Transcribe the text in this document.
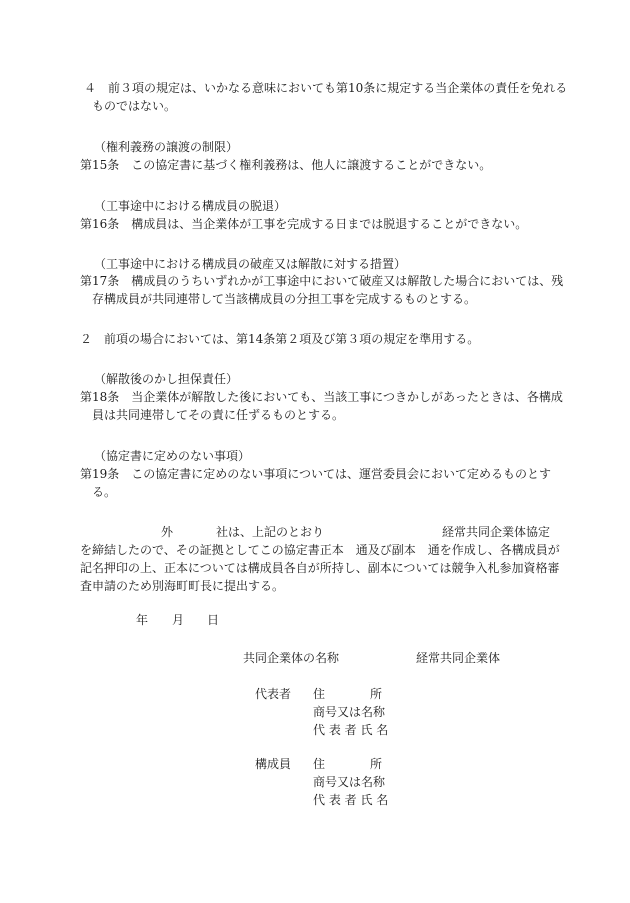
４　前３項の規定は、いかなる意味においても第10条に規定する当企業体の責任を免れる
ものではない。
（権利義務の譲渡の制限）
第15条　この協定書に基づく権利義務は、他人に譲渡することができない。
（工事途中における構成員の脱退）
第16条　構成員は、当企業体が工事を完成する日までは脱退することができない。
（工事途中における構成員の破産又は解散に対する措置）
第17条　構成員のうちいずれかが工事途中において破産又は解散した場合においては、残
存構成員が共同連帯して当該構成員の分担工事を完成するものとする。
２　前項の場合においては、第14条第２項及び第３項の規定を準用する。
（解散後のかし担保責任）
第18条　当企業体が解散した後においても、当該工事につきかしがあったときは、各構成
員は共同連帯してその責に任ずるものとする。
（協定書に定めのない事項）
第19条　この協定書に定めのない事項については、運営委員会において定めるものとす
る。
外	社は、上記のとおり	経常共同企業体協定
を締結したので、その証拠としてこの協定書正本　通及び副本　通を作成し、各構成員が
記名押印の上、正本については構成員各自が所持し、副本については競争入札参加資格審
査申請のため別海町町長に提出する。
年 月 日
共同企業体の名称	経常共同企業体
代表者 住	所
商号又は名称
代 表 者 氏 名
構成員 住	所
商号又は名称
代 表 者 氏 名
